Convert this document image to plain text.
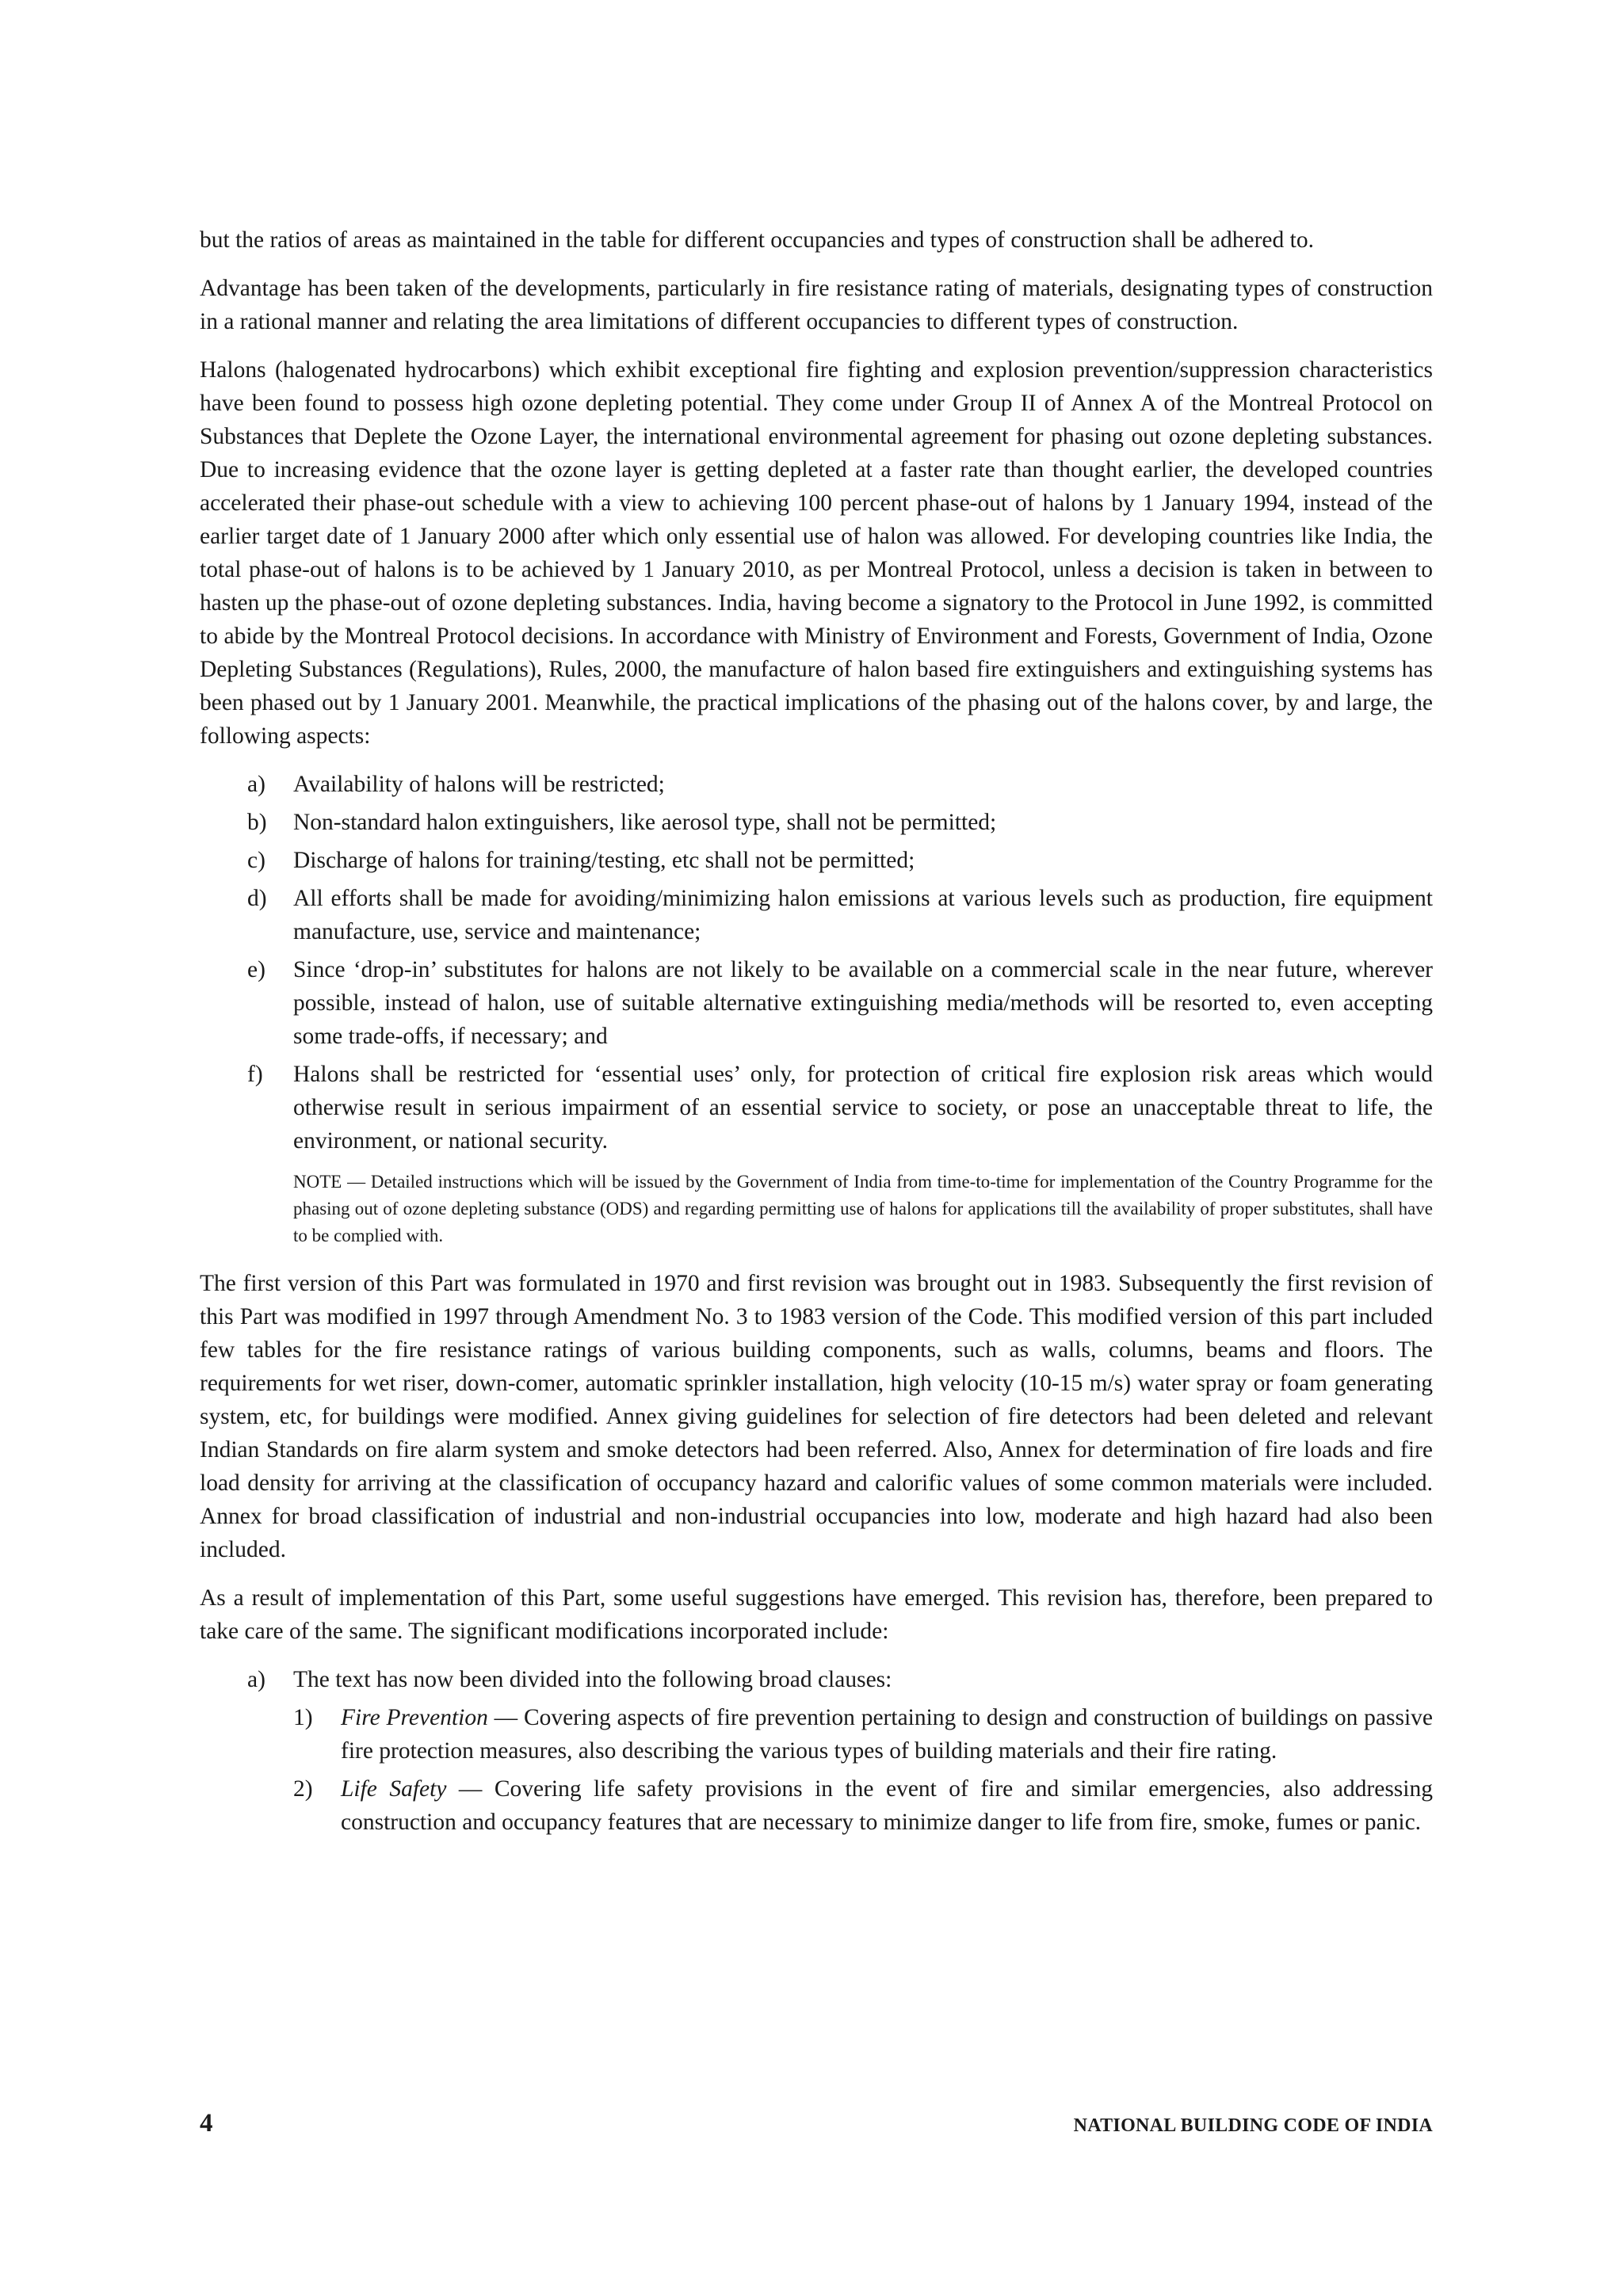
but the ratios of areas as maintained in the table for different occupancies and types of construction shall be adhered to.

Advantage has been taken of the developments, particularly in fire resistance rating of materials, designating types of construction in a rational manner and relating the area limitations of different occupancies to different types of construction.

Halons (halogenated hydrocarbons) which exhibit exceptional fire fighting and explosion prevention/suppression characteristics have been found to possess high ozone depleting potential. They come under Group II of Annex A of the Montreal Protocol on Substances that Deplete the Ozone Layer, the international environmental agreement for phasing out ozone depleting substances. Due to increasing evidence that the ozone layer is getting depleted at a faster rate than thought earlier, the developed countries accelerated their phase-out schedule with a view to achieving 100 percent phase-out of halons by 1 January 1994, instead of the earlier target date of 1 January 2000 after which only essential use of halon was allowed. For developing countries like India, the total phase-out of halons is to be achieved by 1 January 2010, as per Montreal Protocol, unless a decision is taken in between to hasten up the phase-out of ozone depleting substances. India, having become a signatory to the Protocol in June 1992, is committed to abide by the Montreal Protocol decisions. In accordance with Ministry of Environment and Forests, Government of India, Ozone Depleting Substances (Regulations), Rules, 2000, the manufacture of halon based fire extinguishers and extinguishing systems has been phased out by 1 January 2001. Meanwhile, the practical implications of the phasing out of the halons cover, by and large, the following aspects:

a)	Availability of halons will be restricted;
b)	Non-standard halon extinguishers, like aerosol type, shall not be permitted;
c)	Discharge of halons for training/testing, etc shall not be permitted;
d)	All efforts shall be made for avoiding/minimizing halon emissions at various levels such as production, fire equipment manufacture, use, service and maintenance;
e)	Since ‘drop-in’ substitutes for halons are not likely to be available on a commercial scale in the near future, wherever possible, instead of halon, use of suitable alternative extinguishing media/methods will be resorted to, even accepting some trade-offs, if necessary; and
f)	Halons shall be restricted for ‘essential uses’ only, for protection of critical fire explosion risk areas which would otherwise result in serious impairment of an essential service to society, or pose an unacceptable threat to life, the environment, or national security.

NOTE — Detailed instructions which will be issued by the Government of India from time-to-time for implementation of the Country Programme for the phasing out of ozone depleting substance (ODS) and regarding permitting use of halons for applications till the availability of proper substitutes, shall have to be complied with.

The first version of this Part was formulated in 1970 and first revision was brought out in 1983. Subsequently the first revision of this Part was modified in 1997 through Amendment No. 3 to 1983 version of the Code. This modified version of this part included few tables for the fire resistance ratings of various building components, such as walls, columns, beams and floors. The requirements for wet riser, down-comer, automatic sprinkler installation, high velocity (10-15 m/s) water spray or foam generating system, etc, for buildings were modified. Annex giving guidelines for selection of fire detectors had been deleted and relevant Indian Standards on fire alarm system and smoke detectors had been referred. Also, Annex for determination of fire loads and fire load density for arriving at the classification of occupancy hazard and calorific values of some common materials were included. Annex for broad classification of industrial and non-industrial occupancies into low, moderate and high hazard had also been included.

As a result of implementation of this Part, some useful suggestions have emerged. This revision has, therefore, been prepared to take care of the same. The significant modifications incorporated include:

a)	The text has now been divided into the following broad clauses:
1)	Fire Prevention — Covering aspects of fire prevention pertaining to design and construction of buildings on passive fire protection measures, also describing the various types of building materials and their fire rating.
2)	Life Safety — Covering life safety provisions in the event of fire and similar emergencies, also addressing construction and occupancy features that are necessary to minimize danger to life from fire, smoke, fumes or panic.
4	NATIONAL BUILDING CODE OF INDIA
